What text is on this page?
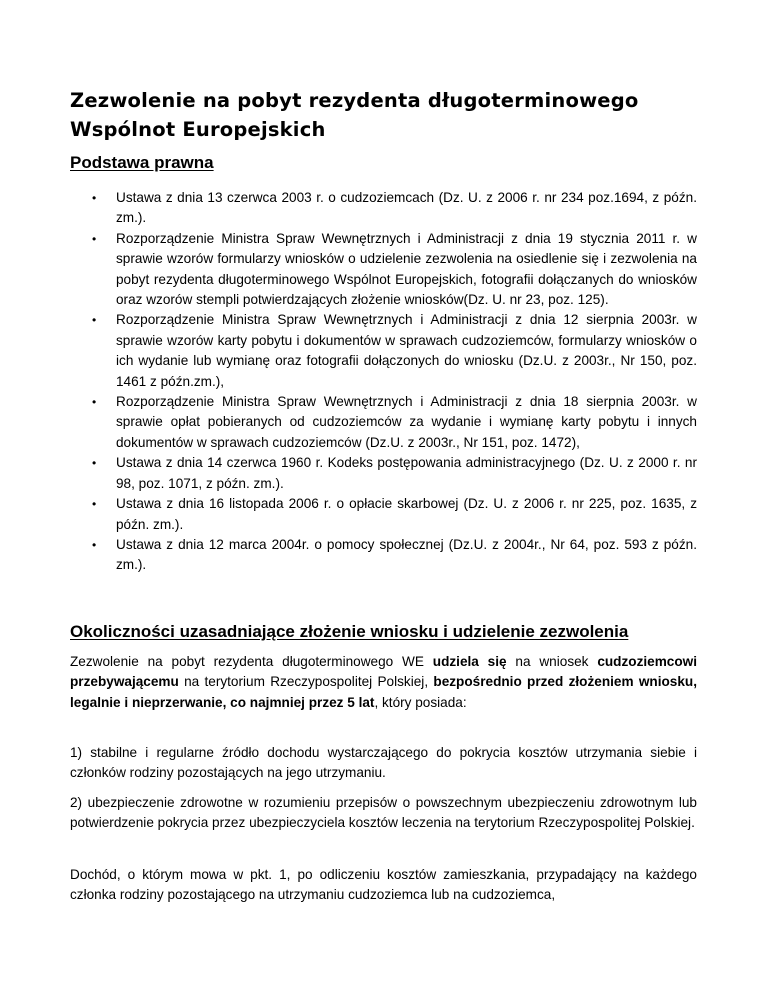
Zezwolenie na pobyt rezydenta długoterminowego Wspólnot Europejskich
Podstawa prawna
• Ustawa z dnia 13 czerwca 2003 r. o cudzoziemcach (Dz. U. z 2006 r. nr 234 poz.1694, z późn. zm.).
• Rozporządzenie Ministra Spraw Wewnętrznych i Administracji z dnia 19 stycznia 2011 r. w sprawie wzorów formularzy wniosków o udzielenie zezwolenia na osiedlenie się i zezwolenia na pobyt rezydenta długoterminowego Wspólnot Europejskich, fotografii dołączanych do wniosków oraz wzorów stempli potwierdzających złożenie wniosków(Dz. U. nr 23, poz. 125).
• Rozporządzenie Ministra Spraw Wewnętrznych i Administracji z dnia 12 sierpnia 2003r. w sprawie wzorów karty pobytu i dokumentów w sprawach cudzoziemców, formularzy wniosków o ich wydanie lub wymianę oraz fotografii dołączonych do wniosku (Dz.U. z 2003r., Nr 150, poz. 1461 z późn.zm.),
• Rozporządzenie Ministra Spraw Wewnętrznych i Administracji z dnia 18 sierpnia 2003r. w sprawie opłat pobieranych od cudzoziemców za wydanie i wymianę karty pobytu i innych dokumentów w sprawach cudzoziemców (Dz.U. z 2003r., Nr 151, poz. 1472),
• Ustawa z dnia 14 czerwca 1960 r. Kodeks postępowania administracyjnego (Dz. U. z 2000 r. nr 98, poz. 1071, z późn. zm.).
• Ustawa z dnia 16 listopada 2006 r. o opłacie skarbowej (Dz. U. z 2006 r. nr 225, poz. 1635, z późn. zm.).
• Ustawa z dnia 12 marca 2004r. o pomocy społecznej (Dz.U. z 2004r., Nr 64, poz. 593 z późn. zm.).
Okoliczności uzasadniające złożenie wniosku i udzielenie zezwolenia

Zezwolenie na pobyt rezydenta długoterminowego WE udziela się na wniosek cudzoziemcowi przebywającemu na terytorium Rzeczypospolitej Polskiej, bezpośrednio przed złożeniem wniosku, legalnie i nieprzerwanie, co najmniej przez 5 lat, który posiada:

1) stabilne i regularne źródło dochodu wystarczającego do pokrycia kosztów utrzymania siebie i członków rodziny pozostających na jego utrzymaniu.

2) ubezpieczenie zdrowotne w rozumieniu przepisów o powszechnym ubezpieczeniu zdrowotnym lub potwierdzenie pokrycia przez ubezpieczyciela kosztów leczenia na terytorium Rzeczypospolitej Polskiej.

Dochód, o którym mowa w pkt. 1, po odliczeniu kosztów zamieszkania, przypadający na każdego członka rodziny pozostającego na utrzymaniu cudzoziemca lub na cudzoziemca,
